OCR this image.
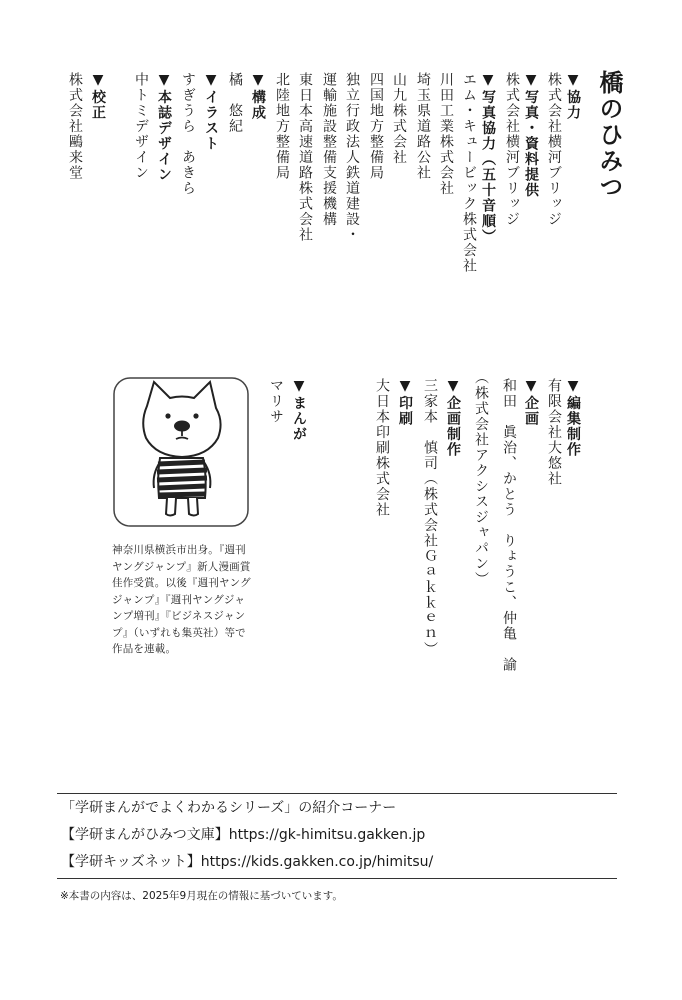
橋のひみつ
▼協力
株式会社横河ブリッジ
▼写真・資料提供
株式会社横河ブリッジ
▼写真協力（五十音順）
エム・キュービック株式会社
川田工業株式会社
埼玉県道路公社
山九株式会社
四国地方整備局
独立行政法人鉄道建設・
運輸施設整備支援機構
東日本高速道路株式会社
北陸地方整備局
▼構成
橘　悠紀
▼イラスト
すぎうら　あきら
▼本誌デザイン
中トミデザイン
▼校正
株式会社鷗来堂
▼編集制作
有限会社大悠社
▼企画
和田　眞治、かとう　りょうこ、仲亀　諭
（株式会社アクシスジャパン）
▼企画制作
三家本　慎司（株式会社Ｇａｋｋｅｎ）
▼印刷
大日本印刷株式会社
▼まんが
マリサ
神奈川県横浜市出身。『週刊ヤングジャンプ』新人漫画賞 佳作受賞。以後『週刊ヤングジャンプ』『週刊ヤングジャンプ増刊』『ビジネスジャンプ』（いずれも集英社）等で作品を連載。
「学研まんがでよくわかるシリーズ」の紹介コーナー
【学研まんがひみつ文庫】https://gk-himitsu.gakken.jp
【学研キッズネット】https://kids.gakken.co.jp/himitsu/
※本書の内容は、2025年9月現在の情報に基づいています。
